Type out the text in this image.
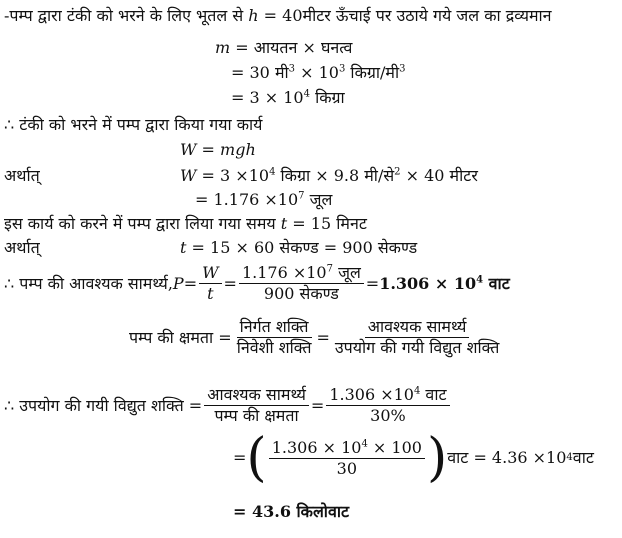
-पम्प द्वारा टंकी को भरने के लिए भूतल से h = 40मीटर ऊँचाई पर उठाये गये जल का द्रव्यमान
m = आयतन × घनत्व
= 30 मी$^3$ × $10^3$ किग्रा/मी$^3$
= $3 \times 10^4$ किग्रा
∴ टंकी को भरने में पम्प द्वारा किया गया कार्य
W = mgh
अर्थात्	$W = 3 \times 10^4$ किग्रा × 9.8 मी/से$^2$ × 40 मीटर
= $1.176 \times 10^7$ जूल
इस कार्य को करने में पम्प द्वारा लिया गया समय t = 15 मिनट
अर्थात्	t = 15 × 60 सेकण्ड = 900 सेकण्ड
∴ पम्प की आवश्यक सामर्थ्य, $P = \frac{W}{t} = \frac{1.176 \times 10^7 जूल}{\text{900 सेकण्ड}} = 1.306 \times 10^4$ वाट
पम्प की क्षमता = $\frac{\text{निर्गत शक्ति}}{\text{निवेशी शक्ति}} = \frac{\text{आवश्यक सामर्थ्य}}{\text{उपयोग की गयी विद्युत शक्ति}}$
∴ उपयोग की गयी विद्युत शक्ति = $\frac{\text{आवश्यक सामर्थ्य}}{\text{पम्प की क्षमता}} = \frac{1.306 \times 10^4 वाट}{30\%}$
= ( $\frac{1.306 \times 10^4 \times 100}{30}$ ) वाट = 4.36 ×10 4 वाट
= 43.6 किलोवाट
